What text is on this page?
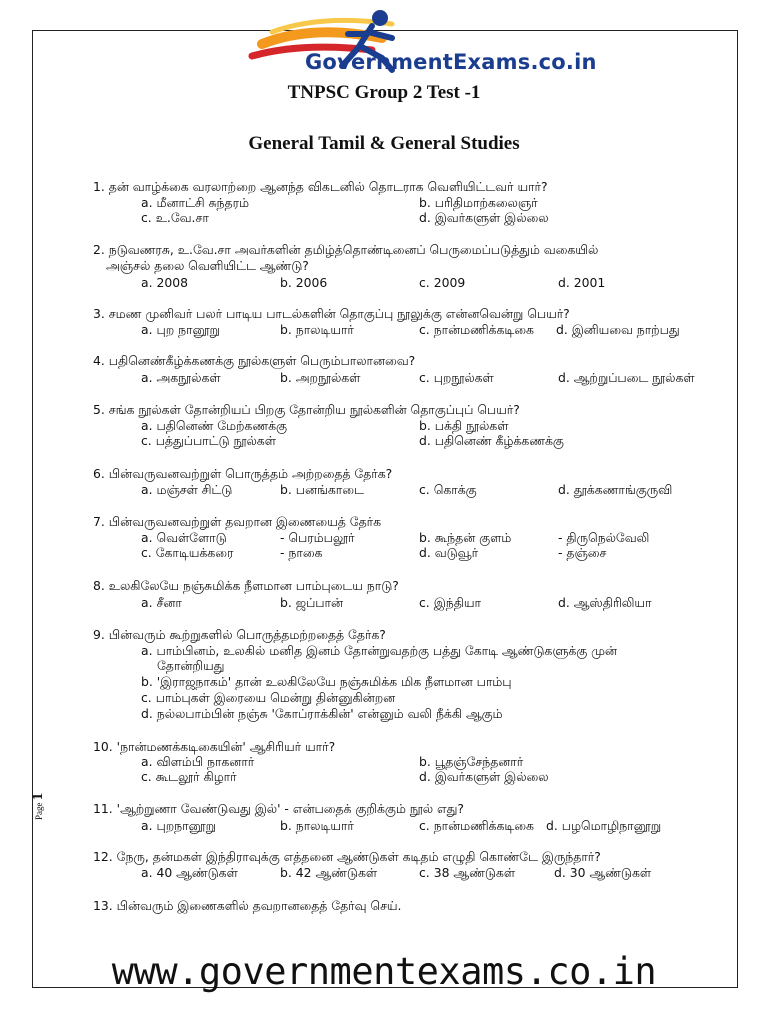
GovernmentExams.co.in
TNPSC Group 2 Test -1
General Tamil & General Studies
1. தன் வாழ்க்கை வரலாற்றை ஆனந்த விகடனில் தொடராக வெளியிட்டவர் யார்?
a. மீனாட்சி சுந்தரம்	b. பரிதிமாற்கலைஞர்
c. உ.வே.சா	d. இவர்களுள் இல்லை
2. நடுவணரசு, உ.வே.சா அவர்களின் தமிழ்த்தொண்டினைப் பெருமைப்படுத்தும் வகையில்
அஞ்சல் தலை வெளியிட்ட ஆண்டு?
a. 2008	b. 2006	c. 2009	d. 2001
3. சமண முனிவர் பலர் பாடிய பாடல்களின் தொகுப்பு நூலுக்கு என்னவென்று பெயர்?
a. புற நானூறு	b. நாலடியார்	c. நான்மணிக்கடிகை d. இனியவை நாற்பது
4. பதினெண்கீழ்க்கணக்கு நூல்களுள் பெரும்பாலானவை?
a. அகநூல்கள்	b. அறநூல்கள்	c. புறநூல்கள்	d. ஆற்றுப்படை நூல்கள்
5. சங்க நூல்கள் தோன்றியப் பிறகு தோன்றிய நூல்களின் தொகுப்புப் பெயர்?
a. பதினெண் மேற்கணக்கு	b. பக்தி நூல்கள்
c. பத்துப்பாட்டு நூல்கள்	d. பதினெண் கீழ்க்கணக்கு
6. பின்வருவனவற்றுள் பொருத்தம் அற்றதைத் தேர்க?
a. மஞ்சள் சிட்டு	b. பனங்காடை	c. கொக்கு	d. தூக்கணாங்குருவி
7. பின்வருவனவற்றுள் தவறான இணையைத் தேர்க
a. வெள்ளோடு	- பெரம்பலூர்	b. கூந்தன் குளம்	- திருநெல்வேலி
c. கோடியக்கரை	- நாகை	d. வடுவூர்	- தஞ்சை
8. உலகிலேயே நஞ்சுமிக்க நீளமான பாம்புடைய நாடு?
a. சீனா	b. ஜப்பான்	c. இந்தியா	d. ஆஸ்திரிலியா
9. பின்வரும் கூற்றுகளில் பொருத்தமற்றதைத் தேர்க?
a. பாம்பினம், உலகில் மனித இனம் தோன்றுவதற்கு பத்து கோடி ஆண்டுகளுக்கு முன்
தோன்றியது
b. 'இராஜநாகம்' தான் உலகிலேயே நஞ்சுமிக்க மிக நீளமான பாம்பு
c. பாம்புகள் இரையை மென்று தின்னுகின்றன
d. நல்லபாம்பின் நஞ்சு 'கோப்ராக்கின்' என்னும் வலி நீக்கி ஆகும்
10. 'நான்மணக்கடிகையின்' ஆசிரியர் யார்?
a. விளம்பி நாகனார்	b. பூதஞ்சேந்தனார்
c. கூடலூர் கிழார்	d. இவர்களுள் இல்லை
11. 'ஆற்றுணா வேண்டுவது இல்' - என்பதைக் குறிக்கும் நூல் எது?
a. புறநானூறு	b. நாலடியார்	c. நான்மணிக்கடிகை d. பழமொழிநானூறு
12. நேரு, தன்மகள் இந்திராவுக்கு எத்தனை ஆண்டுகள் கடிதம் எழுதி கொண்டே இருந்தார்?
a. 40 ஆண்டுகள்	b. 42 ஆண்டுகள்	c. 38 ஆண்டுகள்	d. 30 ஆண்டுகள்
13. பின்வரும் இணைகளில் தவறானதைத் தேர்வு செய்.
Page 1
www.governmentexams.co.in
